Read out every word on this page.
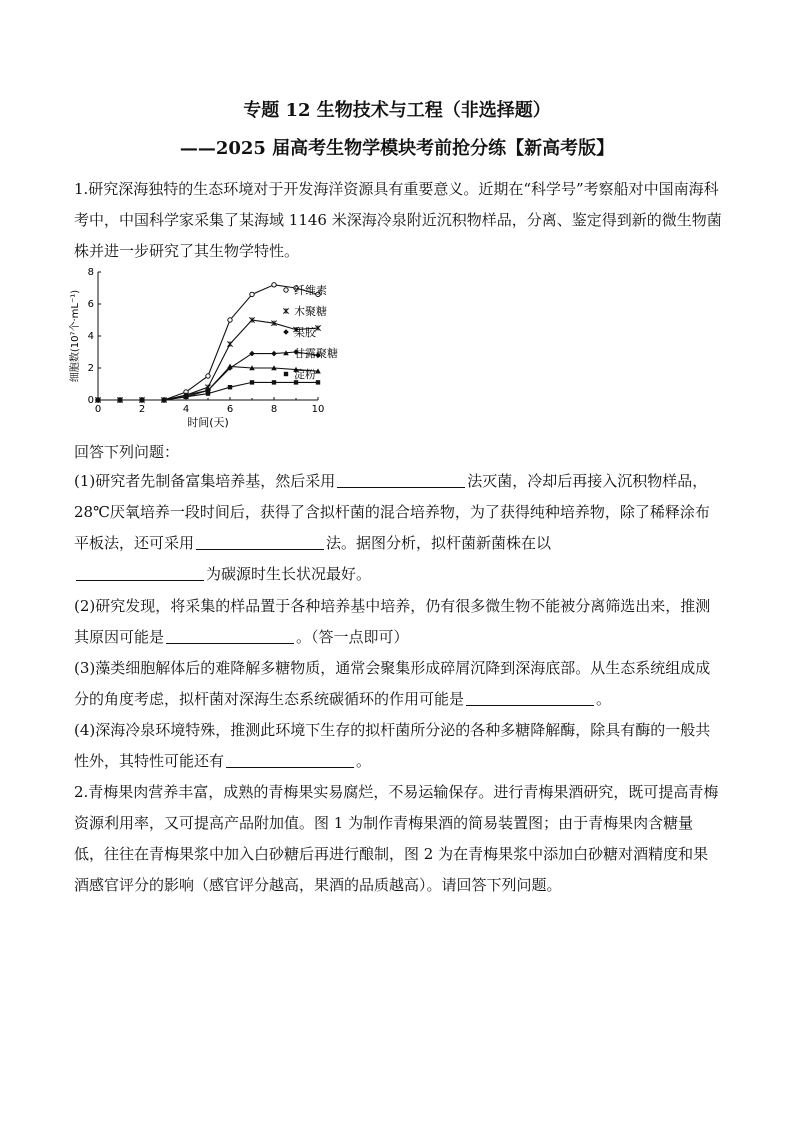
专题 12 生物技术与工程（非选择题）
——2025 届高考生物学模块考前抢分练【新高考版】
1.研究深海独特的生态环境对于开发海洋资源具有重要意义。近期在“科学号”考察船对中国南海科考中，中国科学家采集了某海域 1146 米深海冷泉附近沉积物样品，分离、鉴定得到新的微生物菌株并进一步研究了其生物学特性。
0	2	4	6	8	10
0
2
4
6
8
时间(天)
细胞数(10⁷个·mL⁻¹)	纤维素
木聚糖
果胶
甘露聚糖
淀粉
回答下列问题：
(1)研究者先制备富集培养基，然后采用	法灭菌，冷却后再接入沉积物样品，28℃厌氧培养一段时间后，获得了含拟杆菌的混合培养物，为了获得纯种培养物，除了稀释涂布平板法，还可采用	法。据图分析，拟杆菌新菌株在以
为碳源时生长状况最好。
(2)研究发现，将采集的样品置于各种培养基中培养，仍有很多微生物不能被分离筛选出来，推测其原因可能是	。（答一点即可）
(3)藻类细胞解体后的难降解多糖物质，通常会聚集形成碎屑沉降到深海底部。从生态系统组成成分的角度考虑，拟杆菌对深海生态系统碳循环的作用可能是	。
(4)深海冷泉环境特殊，推测此环境下生存的拟杆菌所分泌的各种多糖降解酶，除具有酶的一般共性外，其特性可能还有	。
2.青梅果肉营养丰富，成熟的青梅果实易腐烂，不易运输保存。进行青梅果酒研究，既可提高青梅资源利用率，又可提高产品附加值。图 1 为制作青梅果酒的简易装置图；由于青梅果肉含糖量低，往往在青梅果浆中加入白砂糖后再进行酿制，图 2 为在青梅果浆中添加白砂糖对酒精度和果酒感官评分的影响（感官评分越高，果酒的品质越高）。请回答下列问题。
